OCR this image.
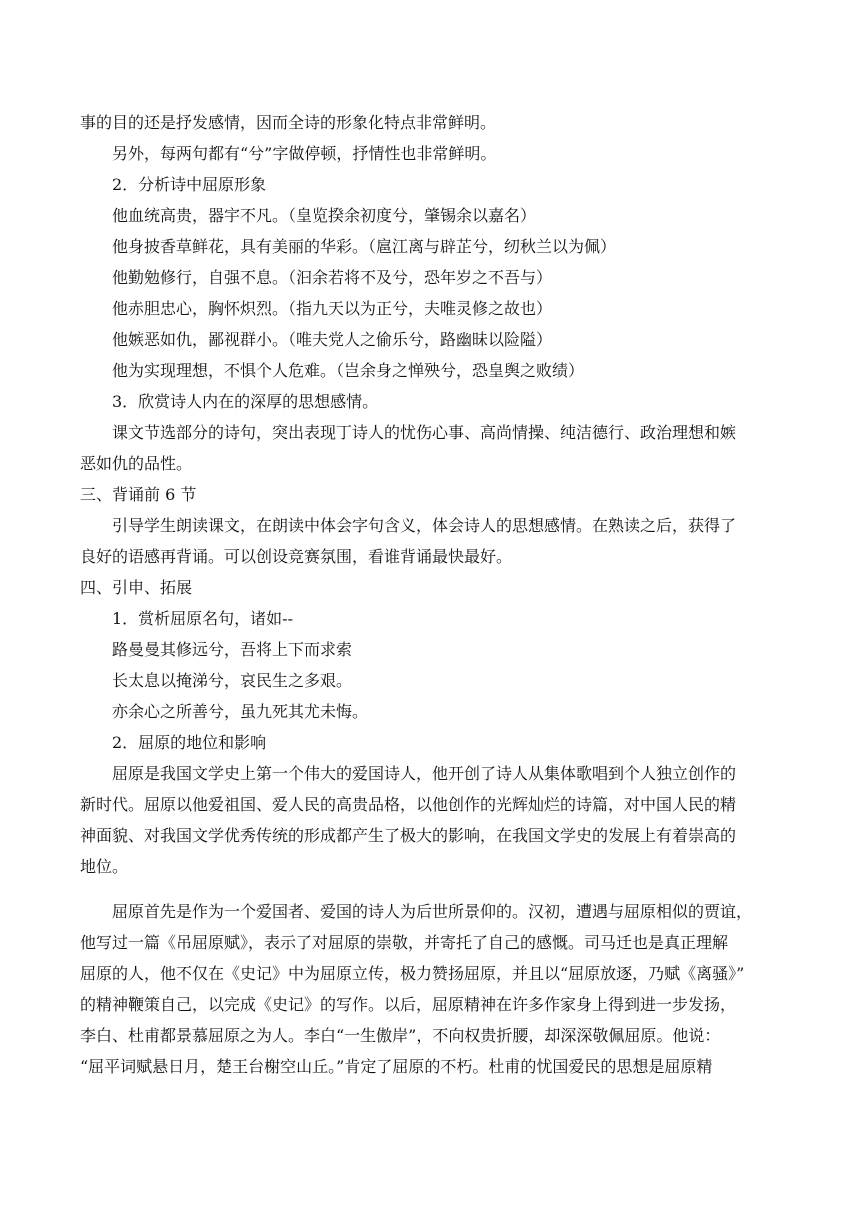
事的目的还是抒发感情，因而全诗的形象化特点非常鲜明。
另外，每两句都有“兮”字做停顿，抒情性也非常鲜明。
2．分析诗中屈原形象
他血统高贵，器宇不凡。（皇览揆余初度兮，肇锡余以嘉名）
他身披香草鲜花，具有美丽的华彩。（扈江离与辟芷兮，纫秋兰以为佩）
他勤勉修行，自强不息。（汩余若将不及兮，恐年岁之不吾与）
他赤胆忠心，胸怀炽烈。（指九天以为正兮，夫唯灵修之故也）
他嫉恶如仇，鄙视群小。（唯夫党人之偷乐兮，路幽昧以险隘）
他为实现理想，不惧个人危难。（岂余身之惮殃兮，恐皇舆之败绩）
3．欣赏诗人内在的深厚的思想感情。
课文节选部分的诗句，突出表现丁诗人的忧伤心事、高尚情操、纯洁德行、政治理想和嫉
恶如仇的品性。
三、背诵前 6 节
引导学生朗读课文，在朗读中体会字句含义，体会诗人的思想感情。在熟读之后，获得了
良好的语感再背诵。可以创设竞赛氛围，看谁背诵最快最好。
四、引申、拓展
1．赏析屈原名句，诸如--
路曼曼其修远兮，吾将上下而求索
长太息以掩涕兮，哀民生之多艰。
亦余心之所善兮，虽九死其尤未悔。
2．屈原的地位和影响
屈原是我国文学史上第一个伟大的爱国诗人，他开创了诗人从集体歌唱到个人独立创作的
新时代。屈原以他爱祖国、爱人民的高贵品格，以他创作的光辉灿烂的诗篇，对中国人民的精
神面貌、对我国文学优秀传统的形成都产生了极大的影响，在我国文学史的发展上有着崇高的
地位。
屈原首先是作为一个爱国者、爱国的诗人为后世所景仰的。汉初，遭遇与屈原相似的贾谊，
他写过一篇《吊屈原赋》，表示了对屈原的崇敬，并寄托了自己的感慨。司马迁也是真正理解
屈原的人，他不仅在《史记》中为屈原立传，极力赞扬屈原，并且以“屈原放逐，乃赋《离骚》”
的精神鞭策自己，以完成《史记》的写作。以后，屈原精神在许多作家身上得到进一步发扬，
李白、杜甫都景慕屈原之为人。李白“一生傲岸”，不向权贵折腰，却深深敬佩屈原。他说：
“屈平词赋悬日月，楚王台榭空山丘。”肯定了屈原的不朽。杜甫的忧国爱民的思想是屈原精
